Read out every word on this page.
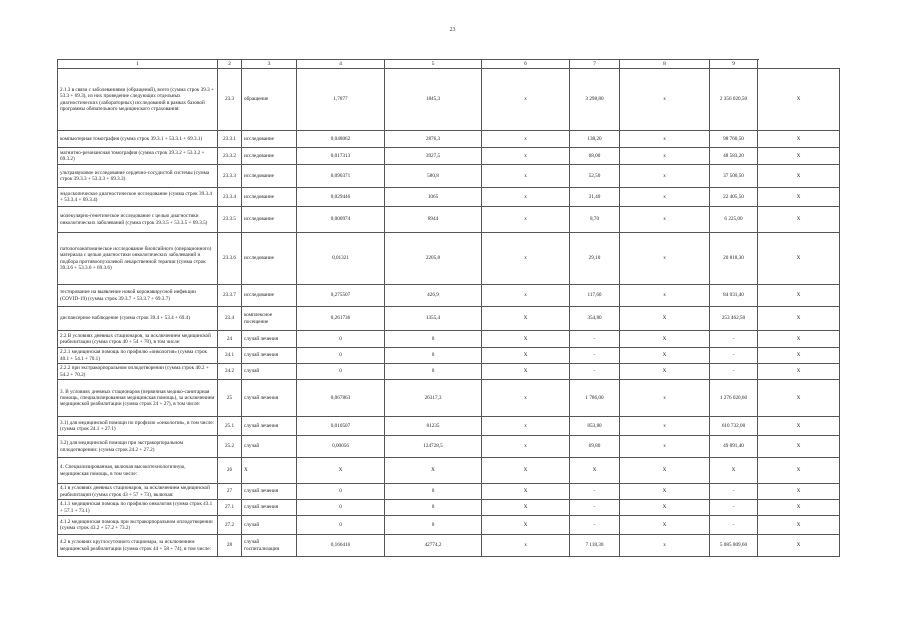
23
1	2	3	4	5	6	7	8	9	
2.1.3 в связи с заболеваниями (обращений), всего (сумма строк 39.3 + 53.3 + 69.3), из них проведение следующих отдельных диагностических (лабораторных) исследований в рамках базовой программы обязательного медицинского страхования:	23.3	обращение	1,7877	1845,3	х	3 298,80	х	2 356 020,50	Х
компьютерная томография (сумма строк 39.3.1 + 53.3.1 + 69.3.1)	23.3.1	исследование	0,048062	2876,3	х	138,20	х	98 760,50	Х
магнитно-резонансная томография (сумма строк 39.3.2 + 53.3.2 + 69.3.2)	23.3.2	исследование	0,017313	3927,5	х	68,00	х	48 583,20	Х
ультразвуковое исследование сердечно-сосудистой системы (сумма строк 39.3.3 + 53.3.3 + 69.3.3)	23.3.3	исследование	0,090371	580,8	х	52,50	х	37 500,50	Х
эндоскопическое диагностическое исследование (сумма строк 39.3.4 + 53.3.4 + 69.3.4)	23.3.4	исследование	0,029446	1065	х	31,40	х	22 405,50	Х
молекулярно-генетическое исследование с целью диагностики онкологических заболеваний (сумма строк 39.3.5 + 53.3.5 + 69.3.5)	23.3.5	исследование	0,000974	8944	х	8,70	х	6 225,00	Х
патологоанатомическое исследование биопсийного (операционного) материала с целью диагностики онкологических заболеваний и подбора противоопухолевой лекарственной терапии (сумма строк 39.3.6 + 53.3.6 + 69.3.6)	23.3.6	исследование	0,01321	2205,8	х	29,10	х	20 818,30	Х
тестирование на выявление новой коронавирусной инфекции (COVID-19) (сумма строк 39.3.7 + 53.3.7 + 69.3.7)	23.3.7	исследование	0,275507	426,9	х	117,60	х	84 031,40	Х
диспансерное наблюдение (сумма строк 39.4 + 53.4 + 69.4)	23.4	комплексное посещение	0,261736	1355,4	Х	354,80	Х	253 462,50	Х
2.2 В условиях дневных стационаров, за исключением медицинской реабилитации (сумма строк 40 + 54 + 70), в том числе:	24	случай лечения	0	0	Х	-	Х	-	Х
2.2.1 медицинская помощь по профилю «онкология» (сумма строк 40.1 + 54.1 + 70.1)	24.1	случай лечения	0	0	Х	-	Х	-	Х
2.2.2 при экстракорпоральном оплодотворении (сумма строк 40.2 + 54.2 + 70.2)	24.2	случай	0	0	Х	-	Х	-	Х
3. В условиях дневных стационаров (первичная медико-санитарная помощь, специализированная медицинская помощь), за исключением медицинской реабилитации (сумма строк 24 + 27), в том числе:	25	случай лечения	0,067863	26317,3	х	1 786,00	х	1 276 020,60	Х
3.1) для медицинской помощи по профилю «онкология», в том числе: (сумма строк 24.1 + 27.1)	25.1	случай лечения	0,010507	81235	х	853,80	х	610 732,00	Х
3.2) для медицинской помощи при экстракорпоральном оплодотворении: (сумма строк 24.2 + 27.2)	25.2	случай	0,00056	124728,5	х	69,80	х	49 891,40	Х
4. Специализированная, включая высокотехнологичную, медицинская помощь, в том числе:	26	Х	Х	Х	Х	Х	Х	Х	Х
4.1 в условиях дневных стационаров, за исключением медицинской реабилитации (сумма строк 43 + 57 + 73), включая:	27	случай лечения	0	0	Х	-	Х	-	Х
4.1.1 медицинская помощь по профилю онкология (сумма строк 43.1 + 57.1 + 73.1)	27.1	случай лечения	0	0	Х	-	Х	-	Х
4.1.2 медицинская помощь при экстракорпоральном оплодотворении (сумма строк 43.2 + 57.2 + 73.2)	27.2	случай	0	0	Х	-	Х	-	Х
4.2 в условиях круглосуточного стационара, за исключением медицинской реабилитации (сумма строк 44 + 58 + 74), в том числе:	28	случай госпитализации	0,166416	42774,2	х	7 118,30	х	5 085 809,60	Х
